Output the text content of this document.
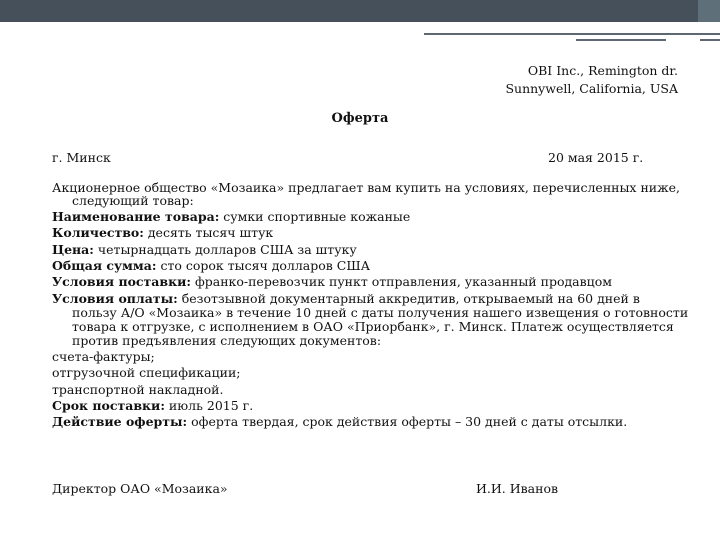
OBI Inc., Remington dr.
Sunnywell, California, USA
Оферта
г. Минск	20 мая 2015 г.
Акционерное общество «Мозаика» предлагает вам купить на условиях, перечисленных ниже,
следующий товар:
Наименование товара: сумки спортивные кожаные
Количество: десять тысяч штук
Цена: четырнадцать долларов США за штуку
Общая сумма: сто сорок тысяч долларов США
Условия поставки: франко-перевозчик пункт отправления, указанный продавцом
Условия оплаты: безотзывной документарный аккредитив, открываемый на 60 дней в
пользу А/О «Мозаика» в течение 10 дней с даты получения нашего извещения о готовности
товара к отгрузке, с исполнением в ОАО «Приорбанк», г. Минск. Платеж осуществляется
против предъявления следующих документов:
счета-фактуры;
отгрузочной спецификации;
транспортной накладной.
Срок поставки: июль 2015 г.
Действие оферты: оферта твердая, срок действия оферты – 30 дней с даты отсылки.
Директор ОАО «Мозаика»	И.И. Иванов
